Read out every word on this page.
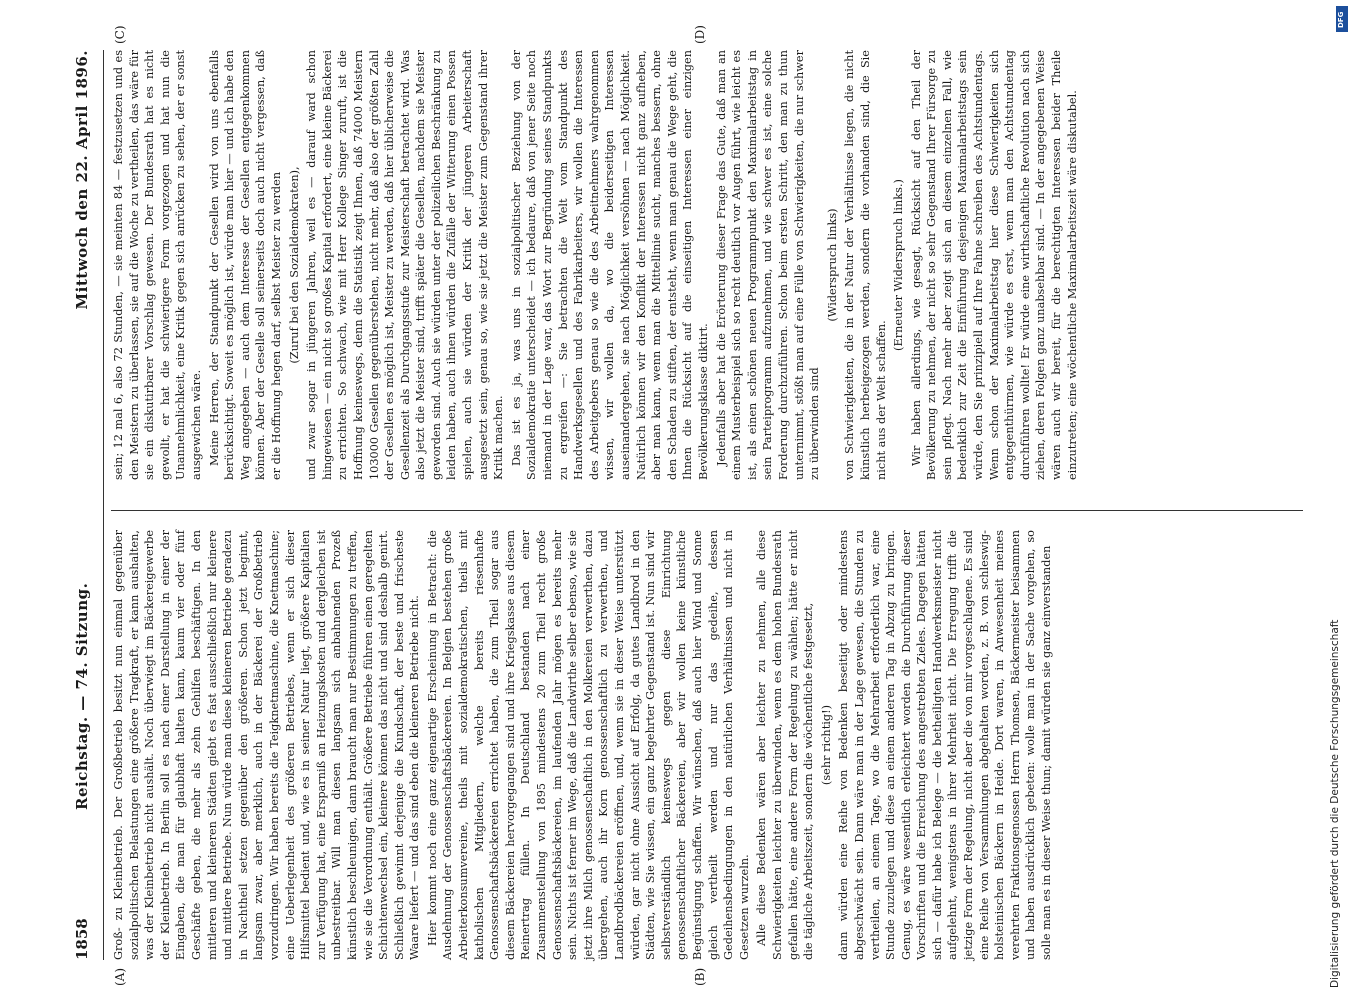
1858
Reichstag. — 74. Sitzung.
Mittwoch den 22. April 1896.
(A)	(B)
(C)	(D)

Groß- zu Kleinbetrieb. Der Großbetrieb besitzt nun einmal gegenüber sozialpolitischen Belastungen eine größere Tragkraft, er kann aushalten, was der Kleinbetrieb nicht aushält. Noch überwiegt im Bäckereigewerbe der Kleinbetrieb. In Berlin soll es nach einer Darstellung in einer der Eingaben, die man für glaubhaft halten kann, kaum vier oder fünf Geschäfte geben, die mehr als zehn Gehilfen beschäftigen. In den mittleren und kleineren Städten giebt es fast ausschließlich nur kleinere und mittlere Betriebe. Nun würde man diese kleineren Betriebe geradezu in Nachtheil setzen gegenüber den größeren. Schon jetzt beginnt, langsam zwar, aber merklich, auch in der Bäckerei der Großbetrieb vorzudringen. Wir haben bereits die Teigknetmaschine, die Knetmaschine; eine Ueberlegenheit des größeren Betriebes, wenn er sich dieser Hilfsmittel bedient und, wie es in seiner Natur liegt, größere Kapitalien zur Verfügung hat, eine Ersparniß an Heizungskosten und dergleichen ist unbestreitbar. Will man diesen langsam sich anbahnenden Prozeß künstlich beschleunigen, dann braucht man nur Bestimmungen zu treffen, wie sie die Verordnung enthält. Größere Betriebe führen einen geregelten Schichtenwechsel ein, kleinere können das nicht und sind deshalb genirt. Schließlich gewinnt derjenige die Kundschaft, der beste und frischeste Waare liefert — und das sind eben die kleineren Betriebe nicht. Hier kommt noch eine ganz eigenartige Erscheinung in Betracht: die Ausdehnung der Genossenschaftsbäckereien. In Belgien bestehen große Arbeiterkonsumvereine, theils mit sozialdemokratischen, theils mit katholischen Mitgliedern, welche bereits riesenhafte Genossenschaftsbäckereien errichtet haben, die zum Theil sogar aus diesem Bäckereien hervorgegangen sind und ihre Kriegskasse aus diesem Reinertrag füllen. In Deutschland bestanden nach einer Zusammenstellung von 1895 mindestens 20 zum Theil recht große Genossenschaftsbäckereien, im laufenden Jahr mögen es bereits mehr sein. Nichts ist ferner im Wege, daß die Landwirthe selber ebenso, wie sie jetzt ihre Milch genossenschaftlich in den Molkereien verwerthen, dazu übergehen, auch ihr Korn genossenschaftlich zu verwerthen, und Landbrodbäckereien eröffnen, und, wenn sie in dieser Weise unterstützt würden, gar nicht ohne Aussicht auf Erfolg, da gutes Landbrod in den Städten, wie Sie wissen, ein ganz begehrter Gegenstand ist. Nun sind wir selbstverständlich keineswegs gegen diese Einrichtung genossenschaftlicher Bäckereien, aber wir wollen keine künstliche Begünstigung schaffen. Wir wünschen, daß auch hier Wind und Sonne gleich vertheilt werden und nur das gedeihe, dessen Gedeihensbedingungen in den natürlichen Verhältnissen und nicht in Gesetzen wurzeln. Alle diese Bedenken wären aber leichter zu nehmen, alle diese Schwierigkeiten leichter zu überwinden, wenn es dem hohen Bundesrath gefallen hätte, eine andere Form der Regelung zu wählen; hätte er nicht die tägliche Arbeitszeit, sondern die wöchentliche festgesetzt, (sehr richtig!) dann würden eine Reihe von Bedenken beseitigt oder mindestens abgeschwächt sein. Dann wäre man in der Lage gewesen, die Stunden zu vertheilen, an einem Tage, wo die Mehrarbeit erforderlich war, eine Stunde zuzulegen und diese an einem anderen Tag in Abzug zu bringen. Genug, es wäre wesentlich erleichtert worden die Durchführung dieser Vorschriften und die Erreichung des angestrebten Zieles. Dagegen hätten sich — dafür habe ich Belege — die betheiligten Handwerksmeister nicht aufgelehnt, wenigstens in ihrer Mehrheit nicht. Die Erregung trifft die jetzige Form der Regelung, nicht aber die von mir vorgeschlagene. Es sind eine Reihe von Versammlungen abgehalten worden, z. B. von schleswig-holsteinischen Bäckern in Heide. Dort waren, in Anwesenheit meines verehrten Fraktionsgenossen Herrn Thomsen, Bäckermeister beisammen und haben ausdrücklich gebeten: wolle man in der Sache vorgehen, so solle man es in dieser Weise thun; damit würden sie ganz einverstanden

sein; 12 mal 6, also 72 Stunden, — sie meinten 84 — festzusetzen und es den Meistern zu überlassen, sie auf die Woche zu vertheilen, das wäre für sie ein diskutirbarer Vorschlag gewesen. Der Bundesrath hat es nicht gewollt, er hat die schwierigere Form vorgezogen und hat nun die Unannehmlichkeit, eine Kritik gegen sich anrücken zu sehen, der er sonst ausgewichen wäre. Meine Herren, der Standpunkt der Gesellen wird von uns ebenfalls berücksichtigt. Soweit es möglich ist, würde man hier — und ich habe den Weg angegeben — auch dem Interesse der Gesellen entgegenkommen können. Aber der Geselle soll seinerseits doch auch nicht vergessen, daß er die Hoffnung hegen darf, selbst Meister zu werden (Zuruf bei den Sozialdemokraten), und zwar sogar in jüngeren Jahren, weil es — darauf ward schon hingewiesen — ein nicht so großes Kapital erfordert, eine kleine Bäckerei zu errichten. So schwach, wie mit Herr Kollege Singer zuruft, ist die Hoffnung keineswegs, denn die Statistik zeigt Ihnen, daß 74000 Meistern 103000 Gesellen gegenüberstehen, nicht mehr, daß also der größten Zahl der Gesellen es möglich ist, Meister zu werden, daß hier üblicherweise die Gesellenzeit als Durchgangsstufe zur Meisterschaft betrachtet wird. Was also jetzt die Meister sind, trifft später die Gesellen, nachdem sie Meister geworden sind. Auch sie würden unter der polizeilichen Beschränkung zu leiden haben, auch ihnen würden die Zufälle der Witterung einen Possen spielen, auch sie würden der Kritik der jüngeren Arbeiterschaft ausgesetzt sein, genau so, wie sie jetzt die Meister zum Gegenstand ihrer Kritik machen. Das ist es ja, was uns in sozialpolitischer Beziehung von der Sozialdemokratie unterscheidet — ich bedaure, daß von jener Seite noch niemand in der Lage war, das Wort zur Begründung seines Standpunkts zu ergreifen —: Sie betrachten die Welt vom Standpunkt des Handwerksgesellen und des Fabrikarbeiters, wir wollen die Interessen des Arbeitgebers genau so wie die des Arbeitnehmers wahrgenommen wissen, wir wollen da, wo die beiderseitigen Interessen auseinandergehen, sie nach Möglichkeit versöhnen — nach Möglichkeit. Natürlich können wir den Konflikt der Interessen nicht ganz aufheben, aber man kann, wenn man die Mittellinie sucht, manches bessern, ohne den Schaden zu stiften, der entsteht, wenn man genau die Wege geht, die Ihnen die Rücksicht auf die einseitigen Interessen einer einzigen Bevölkerungsklasse diktirt. Jedenfalls aber hat die Erörterung dieser Frage das Gute, daß man an einem Musterbeispiel sich so recht deutlich vor Augen führt, wie leicht es ist, als einen schönen neuen Programmpunkt den Maximalarbeitstag in sein Parteiprogramm aufzunehmen, und wie schwer es ist, eine solche Forderung durchzuführen. Schon beim ersten Schritt, den man zu thun unternimmt, stößt man auf eine Fülle von Schwierigkeiten, die nur schwer zu überwinden sind

(Widerspruch links) von Schwierigkeiten, die in der Natur der Verhältnisse liegen, die nicht künstlich herbeigezogen werden, sondern die vorhanden sind, die Sie nicht aus der Welt schaffen.

(Erneuter Widerspruch links.) Wir haben allerdings, wie gesagt, Rücksicht auf den Theil der Bevölkerung zu nehmen, der nicht so sehr Gegenstand Ihrer Fürsorge zu sein pflegt. Nach mehr aber zeigt sich an diesem einzelnen Fall, wie bedenklich zur Zeit die Einführung desjenigen Maximalarbeitstags sein würde, den Sie prinzipiell auf Ihre Fahne schreiben des Achtstundentags. Wenn schon der Maximalarbeitstag hier diese Schwierigkeiten sich entgegenthürmen, wie würde es erst, wenn man den Achtstundentag durchführen wollte! Er würde eine wirthschaftliche Revolution nach sich ziehen, deren Folgen ganz unabsehbar sind. — In der angegebenen Weise wären auch wir bereit, für die berechtigten Interessen beider Theile einzutreten; eine wöchentliche Maximalarbeitszeit wäre diskutabel.

Digitalisierung gefördert durch die Deutsche Forschungsgemeinschaft
DFG
